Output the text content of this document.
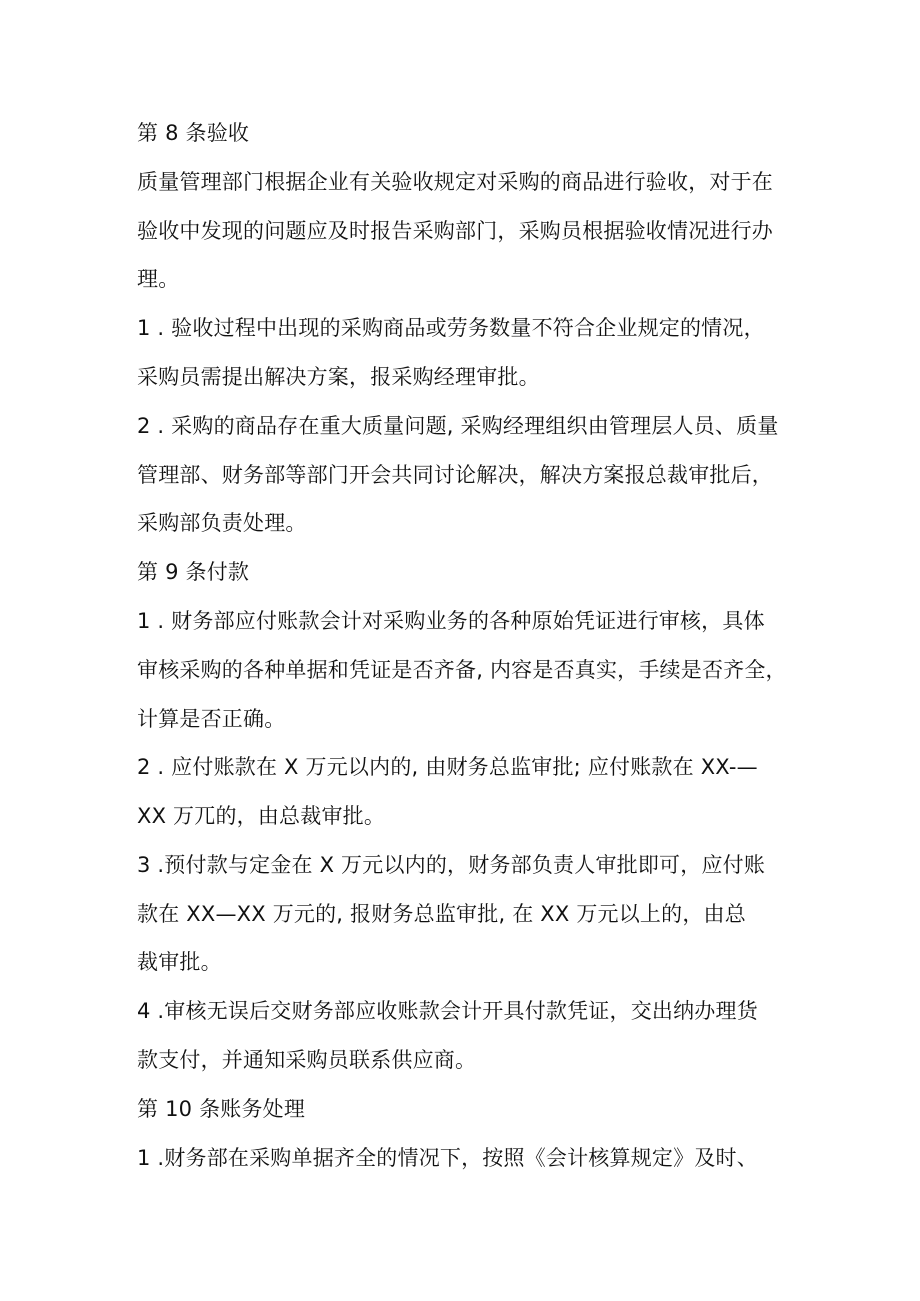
第 8 条验收
质量管理部门根据企业有关验收规定对采购的商品进行验收，对于在
验收中发现的问题应及时报告采购部门，采购员根据验收情况进行办
理。
1 . 验收过程中出现的采购商品或劳务数量不符合企业规定的情况，
采购员需提出解决方案，报采购经理审批。
2 . 采购的商品存在重大质量问题, 采购经理组织由管理层人员、质量
管理部、财务部等部门开会共同讨论解决，解决方案报总裁审批后，
采购部负责处理。
第 9 条付款
1 . 财务部应付账款会计对采购业务的各种原始凭证进行审核，具体
审核采购的各种单据和凭证是否齐备, 内容是否真实，手续是否齐全，
计算是否正确。
2 . 应付账款在 X 万元以内的, 由财务总监审批; 应付账款在 XX-—
XX 万兀的，由总裁审批。
3 .预付款与定金在 X 万元以内的，财务部负责人审批即可，应付账
款在 XX—XX 万元的, 报财务总监审批, 在 XX 万元以上的，由总
裁审批。
4 .审核无误后交财务部应收账款会计开具付款凭证，交出纳办理货
款支付，并通知采购员联系供应商。
第 10 条账务处理
1 .财务部在采购单据齐全的情况下，按照《会计核算规定》及时、
